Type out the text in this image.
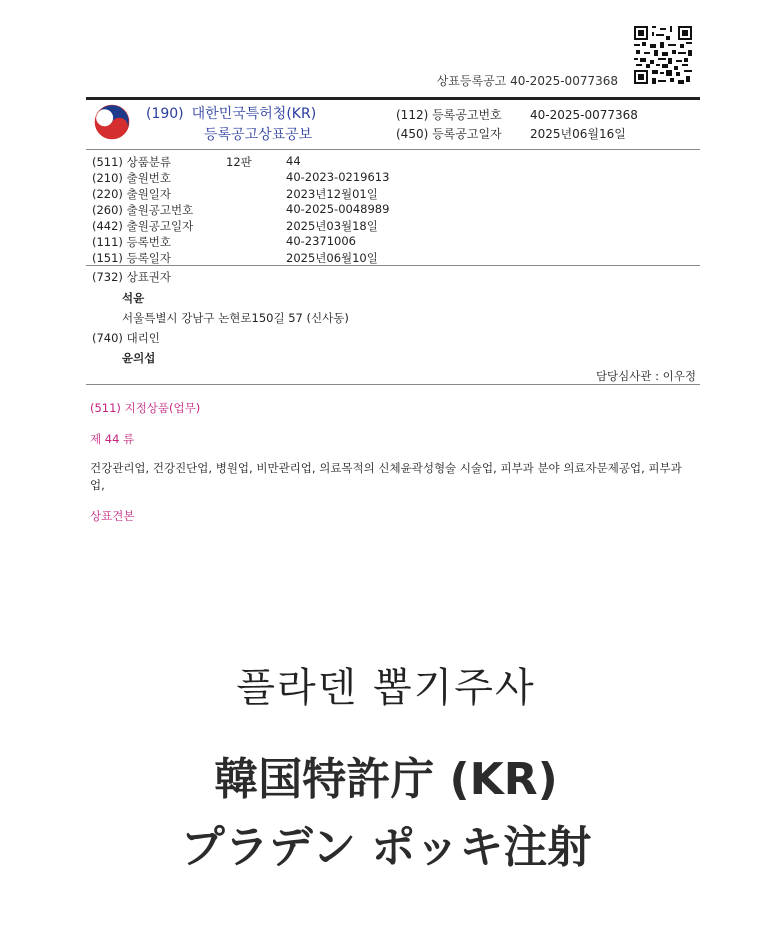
상표등록공고 40-2025-0077368
(190) 대한민국특허청(KR)
등록공고상표공보
(112) 등록공고번호 40-2025-0077368
(450) 등록공고일자 2025년06월16일
(511) 상품분류	12판	44
(210) 출원번호	40-2023-0219613
(220) 출원일자	2023년12월01일
(260) 출원공고번호	40-2025-0048989
(442) 출원공고일자	2025년03월18일
(111) 등록번호	40-2371006
(151) 등록일자	2025년06월10일
(732) 상표권자
석윤
서울특별시 강남구 논현로150길 57 (신사동)
(740) 대리인
윤의섭
담당심사관 : 이우정
(511) 지정상품(업무)
제 44 류
건강관리업, 건강진단업, 병원업, 비만관리업, 의료목적의 신체윤곽성형술 시술업, 피부과 분야 의료자문제공업, 피부과업,
상표견본
플라덴 뽑기주사
韓国特許庁 (KR)
プラデン ポッキ注射
